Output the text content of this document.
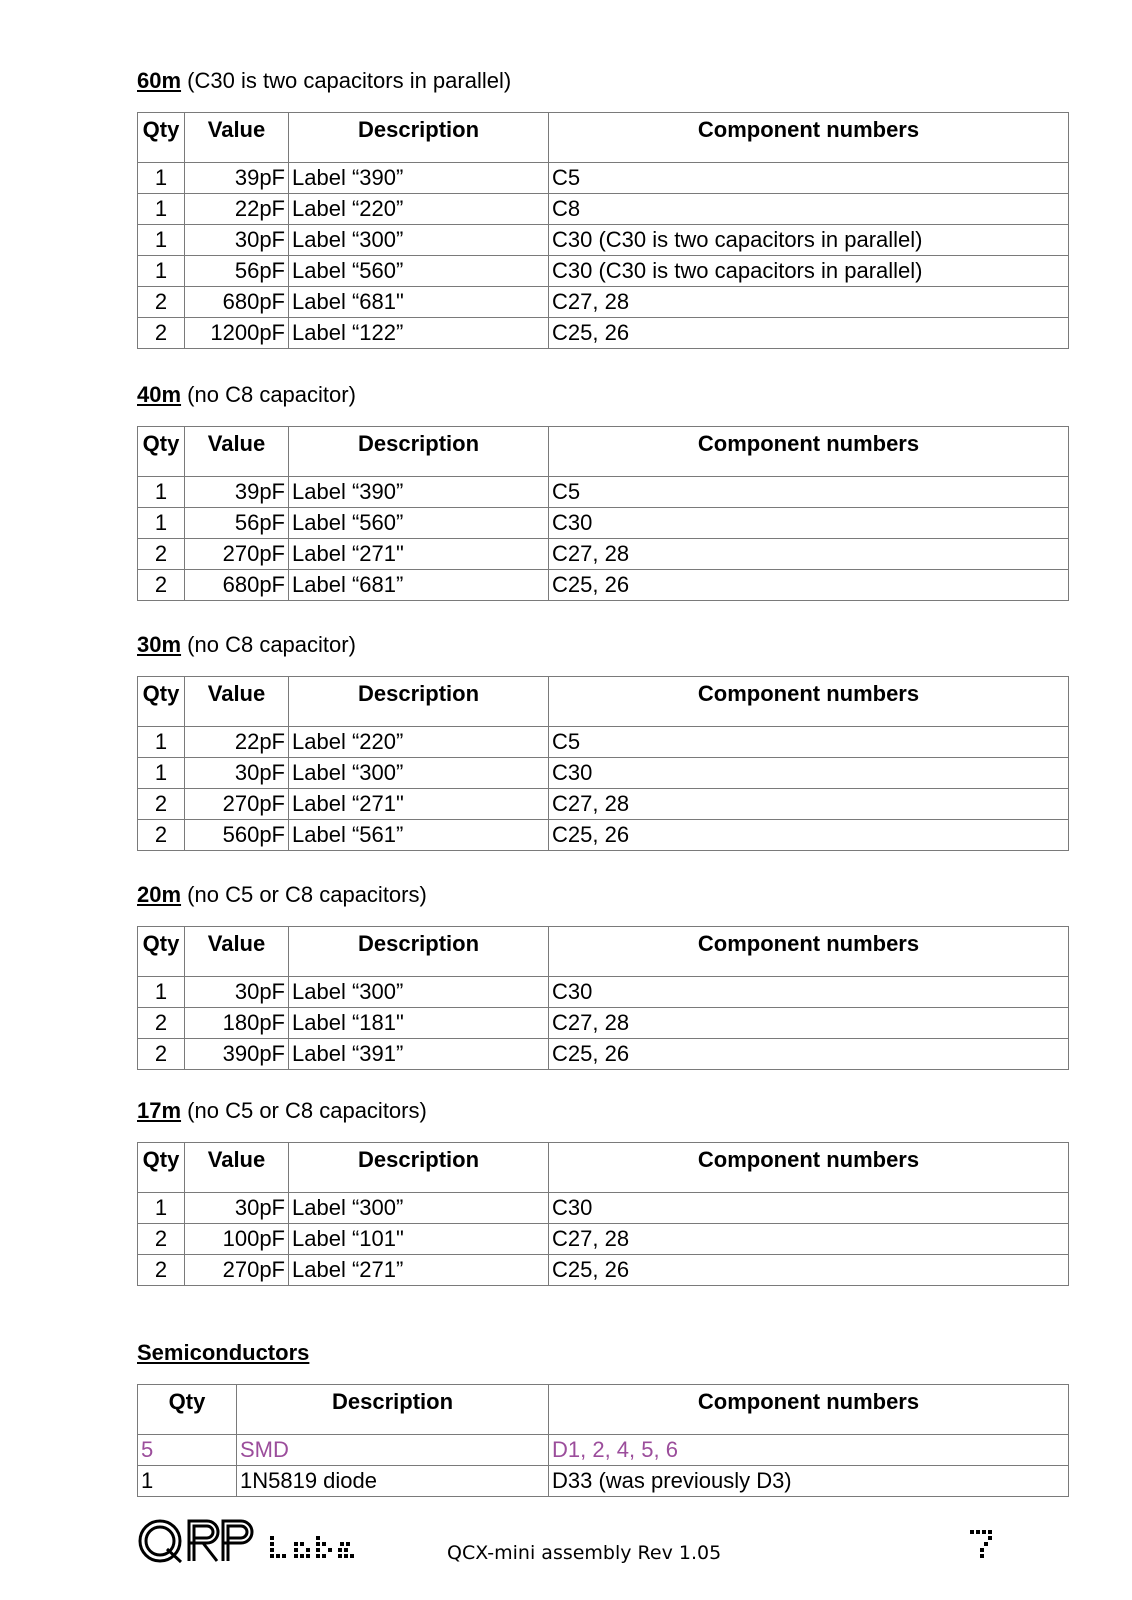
60m (C30 is two capacitors in parallel)
Qty	Value	Description	Component numbers
1	39pF	Label “390”	C5
1	22pF	Label “220”	C8
1	30pF	Label “300”	C30 (C30 is two capacitors in parallel)
1	56pF	Label “560”	C30 (C30 is two capacitors in parallel)
2	680pF	Label “681"	C27, 28
2	1200pF	Label “122”	C25, 26
40m (no C8 capacitor)
Qty	Value	Description	Component numbers
1	39pF	Label “390”	C5
1	56pF	Label “560”	C30
2	270pF	Label “271"	C27, 28
2	680pF	Label “681”	C25, 26
30m (no C8 capacitor)
Qty	Value	Description	Component numbers
1	22pF	Label “220”	C5
1	30pF	Label “300”	C30
2	270pF	Label “271"	C27, 28
2	560pF	Label “561”	C25, 26
20m (no C5 or C8 capacitors)
Qty	Value	Description	Component numbers
1	30pF	Label “300”	C30
2	180pF	Label “181"	C27, 28
2	390pF	Label “391”	C25, 26
17m (no C5 or C8 capacitors)
Qty	Value	Description	Component numbers
1	30pF	Label “300”	C30
2	100pF	Label “101"	C27, 28
2	270pF	Label “271”	C25, 26
Semiconductors
Qty	Description	Component numbers
5	SMD	D1, 2, 4, 5, 6
1	1N5819 diode	D33 (was previously D3)
QCX-mini assembly Rev 1.05
